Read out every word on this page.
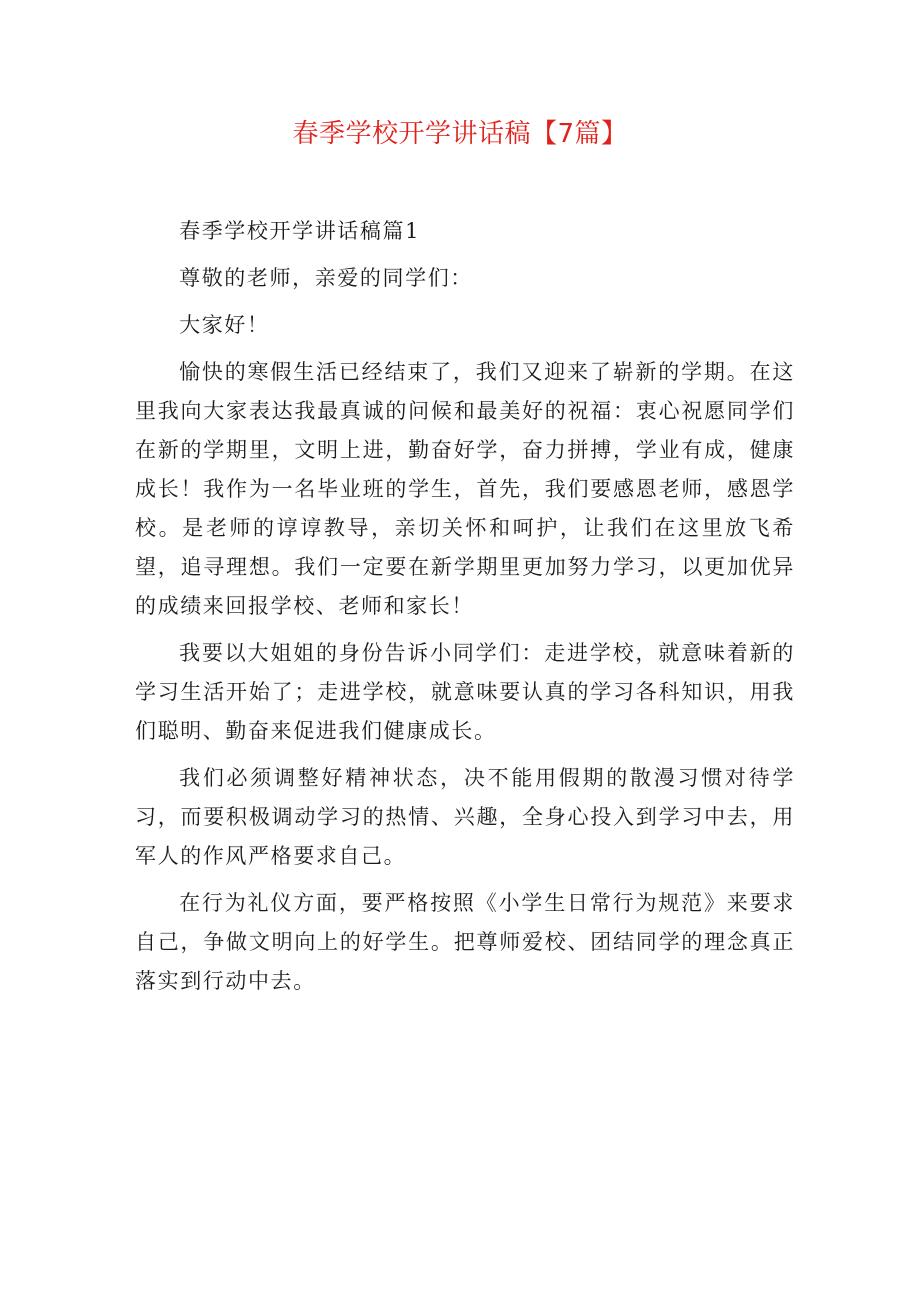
春季学校开学讲话稿【7篇】

春季学校开学讲话稿篇1

尊敬的老师，亲爱的同学们：

大家好！

愉快的寒假生活已经结束了，我们又迎来了崭新的学期。在这里我向大家表达我最真诚的问候和最美好的祝福：衷心祝愿同学们在新的学期里，文明上进，勤奋好学，奋力拼搏，学业有成，健康成长！我作为一名毕业班的学生，首先，我们要感恩老师，感恩学校。是老师的谆谆教导，亲切关怀和呵护，让我们在这里放飞希望，追寻理想。我们一定要在新学期里更加努力学习，以更加优异的成绩来回报学校、老师和家长！

我要以大姐姐的身份告诉小同学们：走进学校，就意味着新的学习生活开始了；走进学校，就意味要认真的学习各科知识，用我们聪明、勤奋来促进我们健康成长。

我们必须调整好精神状态，决不能用假期的散漫习惯对待学习，而要积极调动学习的热情、兴趣，全身心投入到学习中去，用军人的作风严格要求自己。

在行为礼仪方面，要严格按照《小学生日常行为规范》来要求自己，争做文明向上的好学生。把尊师爱校、团结同学的理念真正落实到行动中去。
